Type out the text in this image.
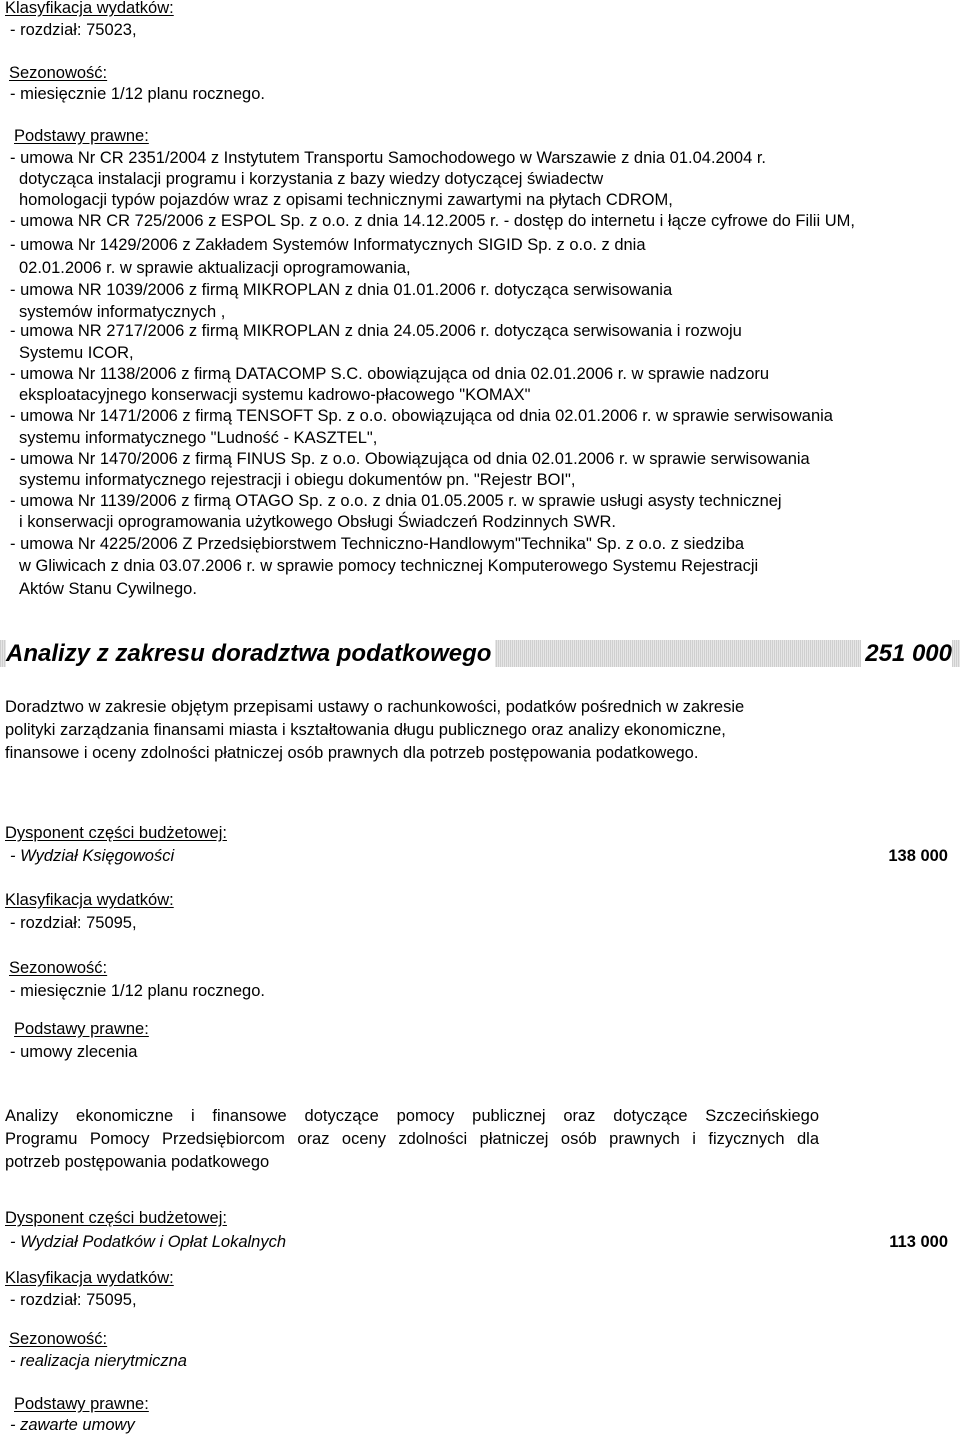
Klasyfikacja wydatków:
- rozdział: 75023,
Sezonowość:
- miesięcznie 1/12 planu rocznego.
Podstawy prawne:
- umowa Nr CR 2351/2004 z Instytutem Transportu Samochodowego w Warszawie z dnia 01.04.2004 r.
dotycząca instalacji programu i korzystania z bazy wiedzy dotyczącej świadectw
homologacji typów pojazdów wraz z opisami technicznymi zawartymi na płytach CDROM,
- umowa NR CR 725/2006 z ESPOL Sp. z o.o. z dnia 14.12.2005 r. - dostęp do internetu i łącze cyfrowe do Filii UM,
- umowa Nr 1429/2006 z Zakładem Systemów Informatycznych SIGID Sp. z o.o. z dnia
02.01.2006 r. w sprawie aktualizacji oprogramowania,
- umowa NR 1039/2006 z firmą MIKROPLAN z dnia 01.01.2006 r. dotycząca serwisowania
systemów informatycznych ,
- umowa NR 2717/2006 z firmą MIKROPLAN z dnia 24.05.2006 r. dotycząca serwisowania i rozwoju
Systemu ICOR,
- umowa Nr 1138/2006 z firmą DATACOMP S.C. obowiązująca od dnia 02.01.2006 r. w sprawie nadzoru
eksploatacyjnego konserwacji systemu kadrowo-płacowego "KOMAX"
- umowa Nr 1471/2006 z firmą TENSOFT Sp. z o.o. obowiązująca od dnia 02.01.2006 r. w sprawie serwisowania
systemu informatycznego "Ludność - KASZTEL",
- umowa Nr 1470/2006 z firmą FINUS Sp. z o.o. Obowiązująca od dnia 02.01.2006 r. w sprawie serwisowania
systemu informatycznego rejestracji i obiegu dokumentów pn. "Rejestr BOI",
- umowa Nr 1139/2006 z firmą OTAGO Sp. z o.o. z dnia 01.05.2005 r. w sprawie usługi asysty technicznej
i konserwacji oprogramowania użytkowego Obsługi Świadczeń Rodzinnych SWR.
- umowa Nr 4225/2006 Z Przedsiębiorstwem Techniczno-Handlowym"Technika" Sp. z o.o. z siedziba
w Gliwicach z dnia 03.07.2006 r. w sprawie pomocy technicznej Komputerowego Systemu Rejestracji
Aktów Stanu Cywilnego.
Analizy z zakresu doradztwa podatkowego	251 000
Doradztwo w zakresie objętym przepisami ustawy o rachunkowości, podatków pośrednich w zakresie
polityki zarządzania finansami miasta i kształtowania długu publicznego oraz analizy ekonomiczne,
finansowe i oceny zdolności płatniczej osób prawnych dla potrzeb postępowania podatkowego.
Dysponent części budżetowej:
- Wydział Księgowości	138 000
Klasyfikacja wydatków:
- rozdział: 75095,
Sezonowość:
- miesięcznie 1/12 planu rocznego.
Podstawy prawne:
- umowy zlecenia
Analizy ekonomiczne i finansowe dotyczące pomocy publicznej oraz dotyczące Szczecińskiego
Programu Pomocy Przedsiębiorcom oraz oceny zdolności płatniczej osób prawnych i fizycznych dla
potrzeb postępowania podatkowego
Dysponent części budżetowej:
- Wydział Podatków i Opłat Lokalnych	113 000
Klasyfikacja wydatków:
- rozdział: 75095,
Sezonowość:
- realizacja nierytmiczna
Podstawy prawne:
- zawarte umowy
